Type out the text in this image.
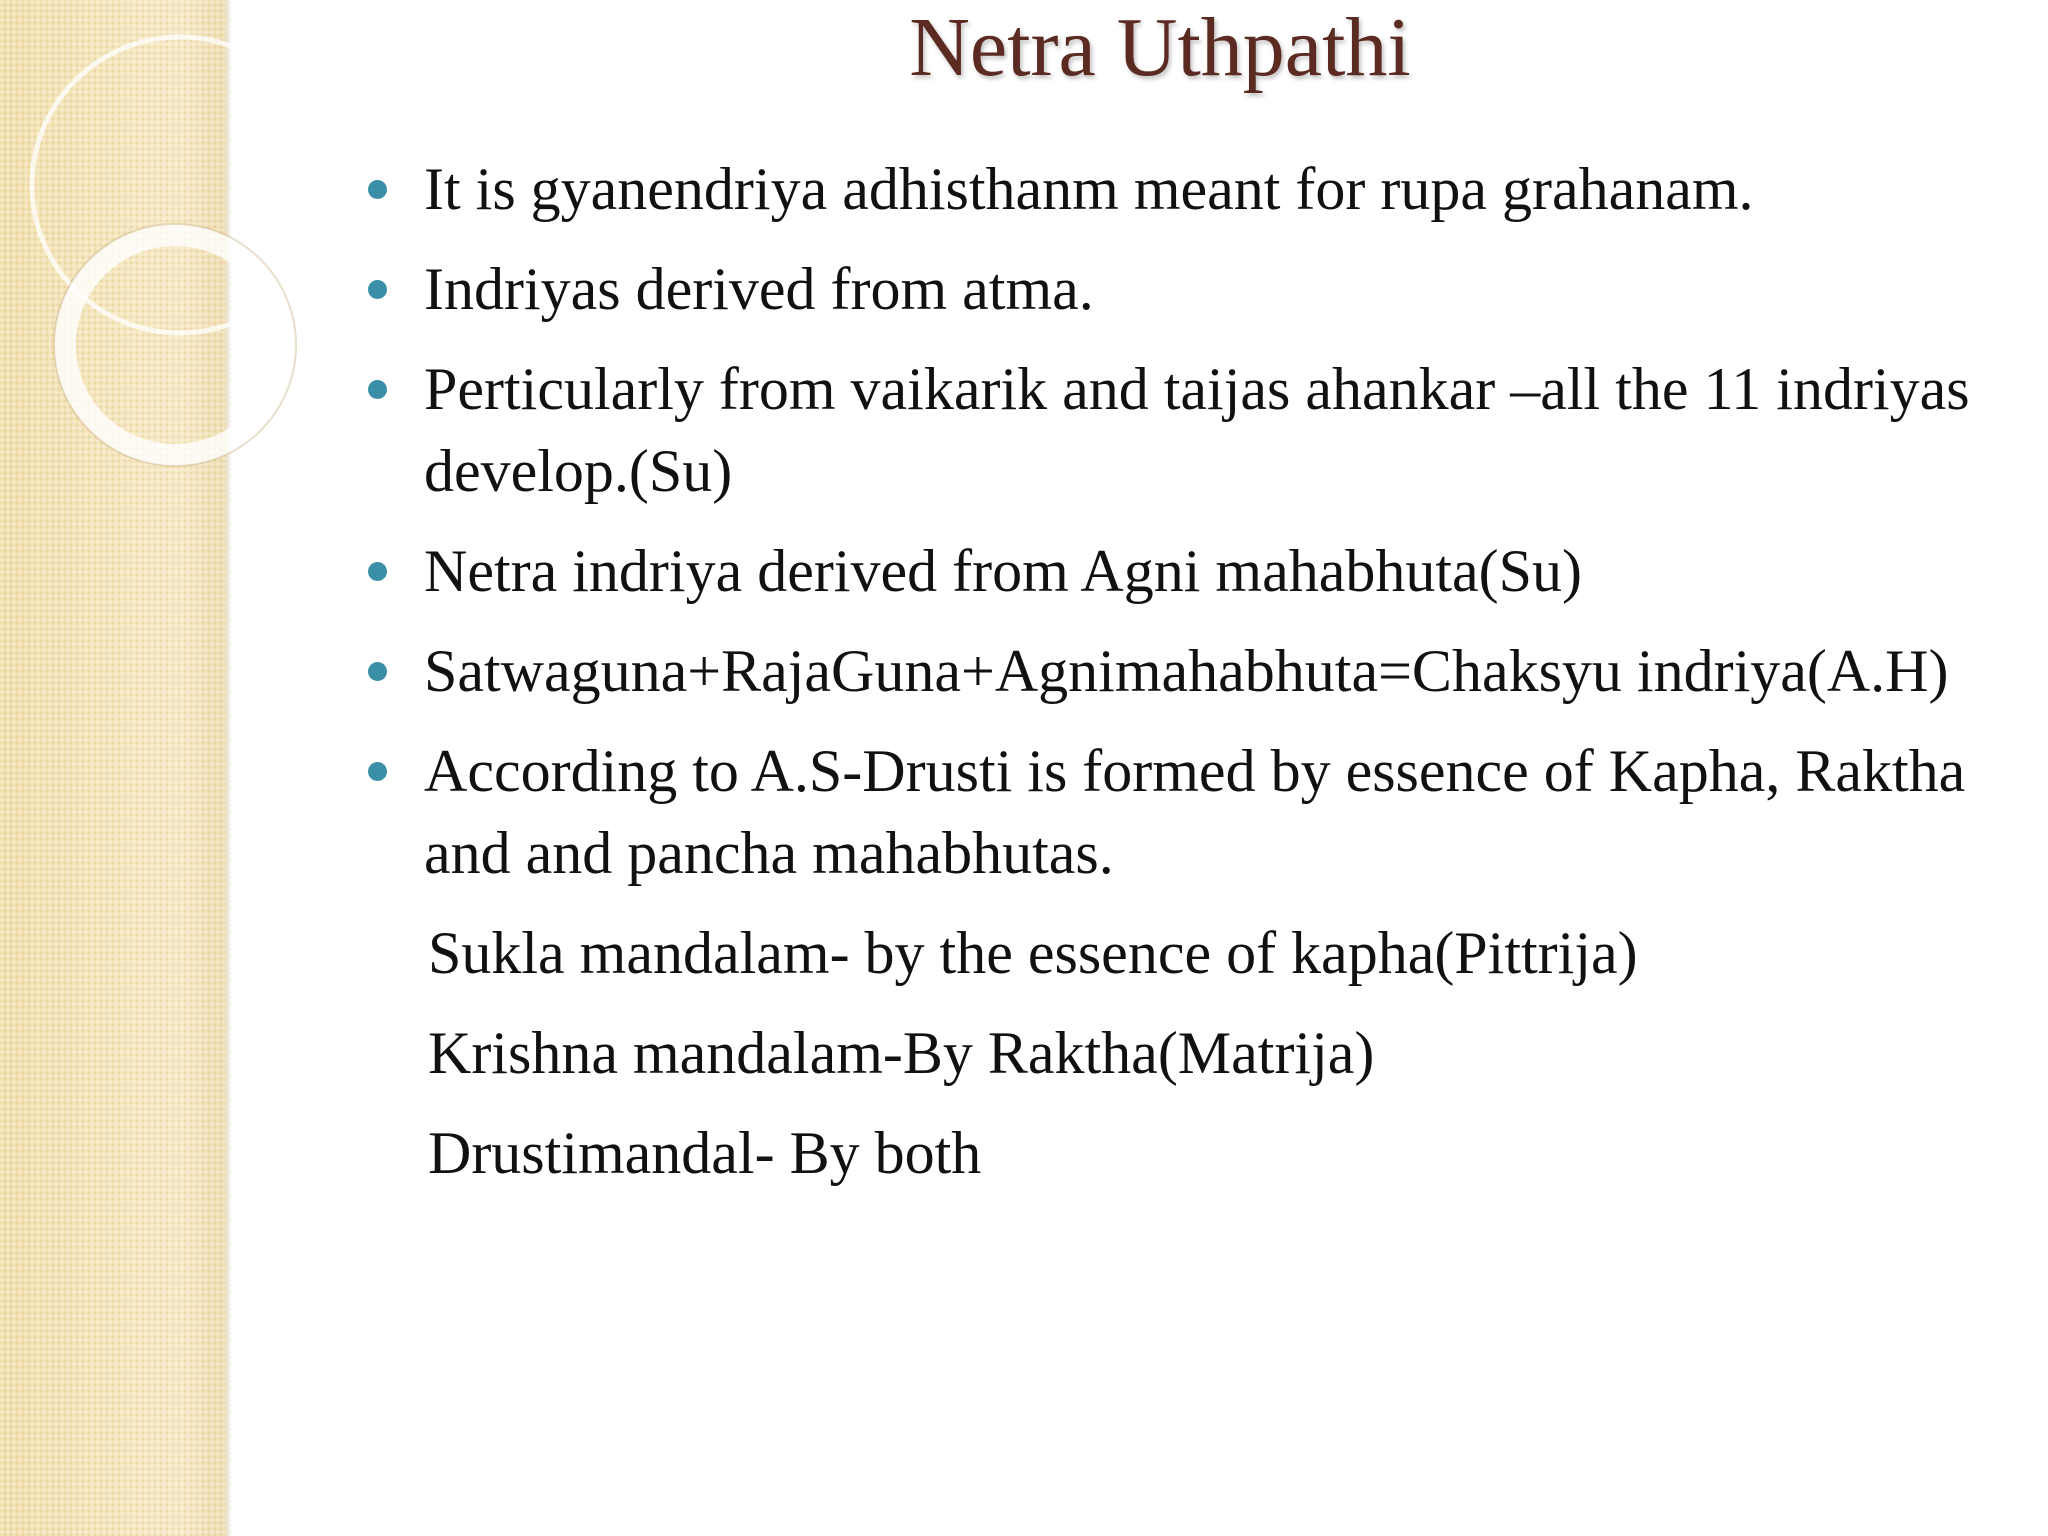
Netra Uthpathi
It is gyanendriya adhisthanm meant for rupa grahanam.
Indriyas derived from atma.
Perticularly from vaikarik and taijas ahankar –all the 11 indriyas develop.(Su)
Netra indriya derived from Agni mahabhuta(Su)
Satwaguna+RajaGuna+Agnimahabhuta=Chaksyu indriya(A.H)
According to A.S-Drusti is formed by essence of Kapha, Raktha and and pancha mahabhutas.
Sukla mandalam- by the essence of kapha(Pittrija)
Krishna mandalam-By Raktha(Matrija)
Drustimandal- By both
